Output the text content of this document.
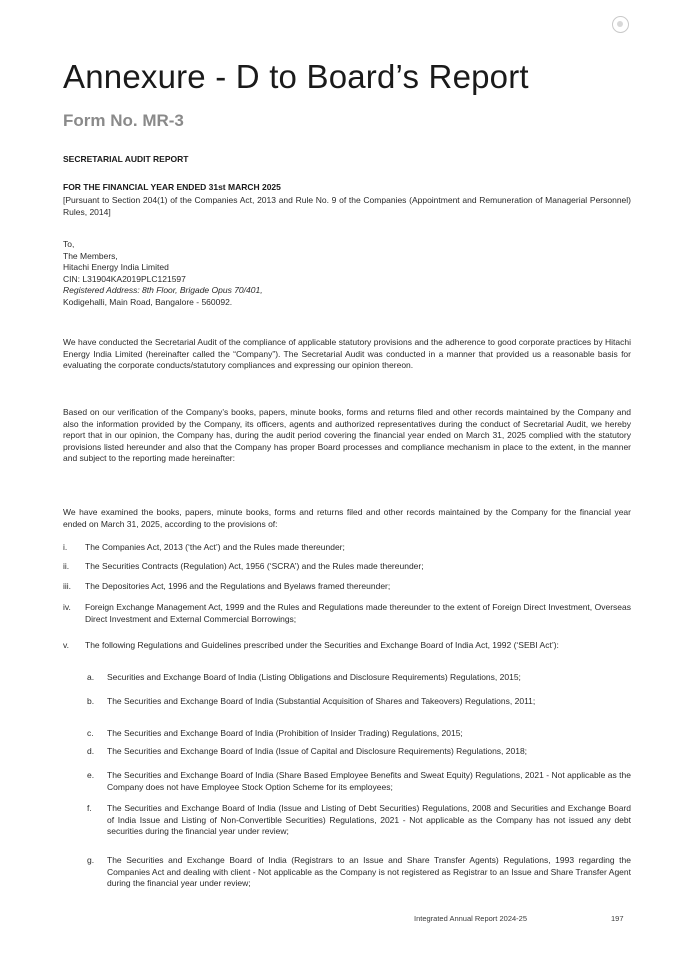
Annexure - D to Board’s Report
Form No. MR-3
SECRETARIAL AUDIT REPORT
FOR THE FINANCIAL YEAR ENDED 31st MARCH 2025
[Pursuant to Section 204(1) of the Companies Act, 2013 and Rule No. 9 of the Companies (Appointment and Remuneration of Managerial Personnel) Rules, 2014]
To,
The Members,
Hitachi Energy India Limited
CIN: L31904KA2019PLC121597
Registered Address: 8th Floor, Brigade Opus 70/401,
Kodigehalli, Main Road, Bangalore - 560092.
We have conducted the Secretarial Audit of the compliance of applicable statutory provisions and the adherence to good corporate practices by Hitachi Energy India Limited (hereinafter called the “Company”). The Secretarial Audit was conducted in a manner that provided us a reasonable basis for evaluating the corporate conducts/statutory compliances and expressing our opinion thereon.
Based on our verification of the Company’s books, papers, minute books, forms and returns filed and other records maintained by the Company and also the information provided by the Company, its officers, agents and authorized representatives during the conduct of Secretarial Audit, we hereby report that in our opinion, the Company has, during the audit period covering the financial year ended on March 31, 2025 complied with the statutory provisions listed hereunder and also that the Company has proper Board processes and compliance mechanism in place to the extent, in the manner and subject to the reporting made hereinafter:
We have examined the books, papers, minute books, forms and returns filed and other records maintained by the Company for the financial year ended on March 31, 2025, according to the provisions of:
i. The Companies Act, 2013 (‘the Act’) and the Rules made thereunder;
ii. The Securities Contracts (Regulation) Act, 1956 (‘SCRA’) and the Rules made thereunder;
iii. The Depositories Act, 1996 and the Regulations and Byelaws framed thereunder;
iv. Foreign Exchange Management Act, 1999 and the Rules and Regulations made thereunder to the extent of Foreign Direct Investment, Overseas Direct Investment and External Commercial Borrowings;
v. The following Regulations and Guidelines prescribed under the Securities and Exchange Board of India Act, 1992 (‘SEBI Act’):
a. Securities and Exchange Board of India (Listing Obligations and Disclosure Requirements) Regulations, 2015;
b. The Securities and Exchange Board of India (Substantial Acquisition of Shares and Takeovers) Regulations, 2011;
c. The Securities and Exchange Board of India (Prohibition of Insider Trading) Regulations, 2015;
d. The Securities and Exchange Board of India (Issue of Capital and Disclosure Requirements) Regulations, 2018;
e. The Securities and Exchange Board of India (Share Based Employee Benefits and Sweat Equity) Regulations, 2021 - Not applicable as the Company does not have Employee Stock Option Scheme for its employees;
f. The Securities and Exchange Board of India (Issue and Listing of Debt Securities) Regulations, 2008 and Securities and Exchange Board of India Issue and Listing of Non-Convertible Securities) Regulations, 2021 - Not applicable as the Company has not issued any debt securities during the financial year under review;
g. The Securities and Exchange Board of India (Registrars to an Issue and Share Transfer Agents) Regulations, 1993 regarding the Companies Act and dealing with client - Not applicable as the Company is not registered as Registrar to an Issue and Share Transfer Agent during the financial year under review;
Integrated Annual Report 2024-25	197
